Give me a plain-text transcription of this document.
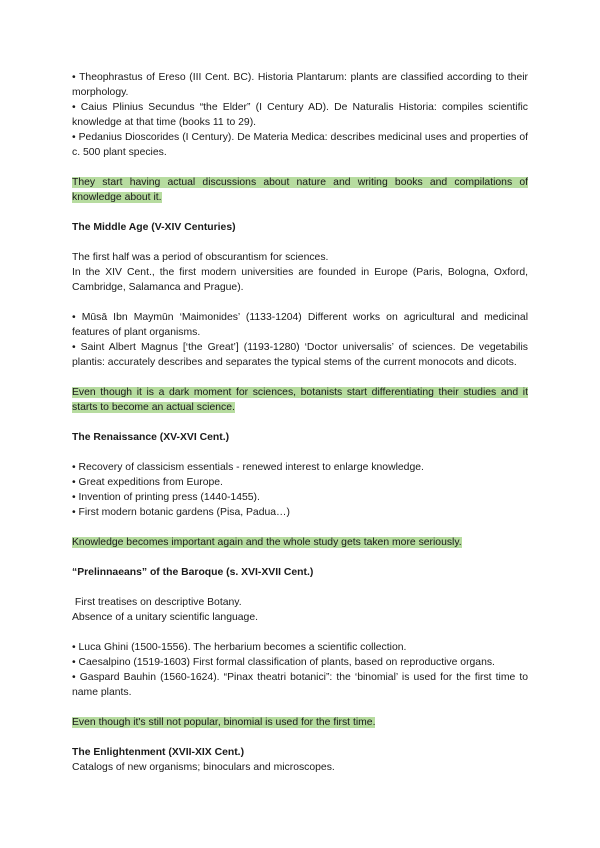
• Theophrastus of Ereso (III Cent. BC). Historia Plantarum: plants are classified according to their morphology.

• Caius Plinius Secundus “the Elder” (I Century AD). De Naturalis Historia: compiles scientific knowledge at that time (books 11 to 29).

• Pedanius Dioscorides (I Century). De Materia Medica: describes medicinal uses and properties of c. 500 plant species.

They start having actual discussions about nature and writing books and compilations of knowledge about it.

The Middle Age (V-XIV Centuries)

The first half was a period of obscurantism for sciences.

In the XIV Cent., the first modern universities are founded in Europe (Paris, Bologna, Oxford, Cambridge, Salamanca and Prague).

• Mūsā Ibn Maymūn ‘Maimonides’ (1133-1204) Different works on agricultural and medicinal features of plant organisms.

• Saint Albert Magnus [‘the Great’] (1193-1280) ‘Doctor universalis’ of sciences. De vegetabilis plantis: accurately describes and separates the typical stems of the current monocots and dicots.

Even though it is a dark moment for sciences, botanists start differentiating their studies and it starts to become an actual science.

The Renaissance (XV-XVI Cent.)

• Recovery of classicism essentials - renewed interest to enlarge knowledge.

• Great expeditions from Europe.

• Invention of printing press (1440-1455).

• First modern botanic gardens (Pisa, Padua…)

Knowledge becomes important again and the whole study gets taken more seriously.

“Prelinnaeans” of the Baroque (s. XVI-XVII Cent.)

First treatises on descriptive Botany.

Absence of a unitary scientific language.

• Luca Ghini (1500-1556). The herbarium becomes a scientific collection.

• Caesalpino (1519-1603) First formal classification of plants, based on reproductive organs.

• Gaspard Bauhin (1560-1624). “Pinax theatri botanici”: the ‘binomial’ is used for the first time to name plants.

Even though it's still not popular, binomial is used for the first time.

The Enlightenment (XVII-XIX Cent.)

Catalogs of new organisms; binoculars and microscopes.
